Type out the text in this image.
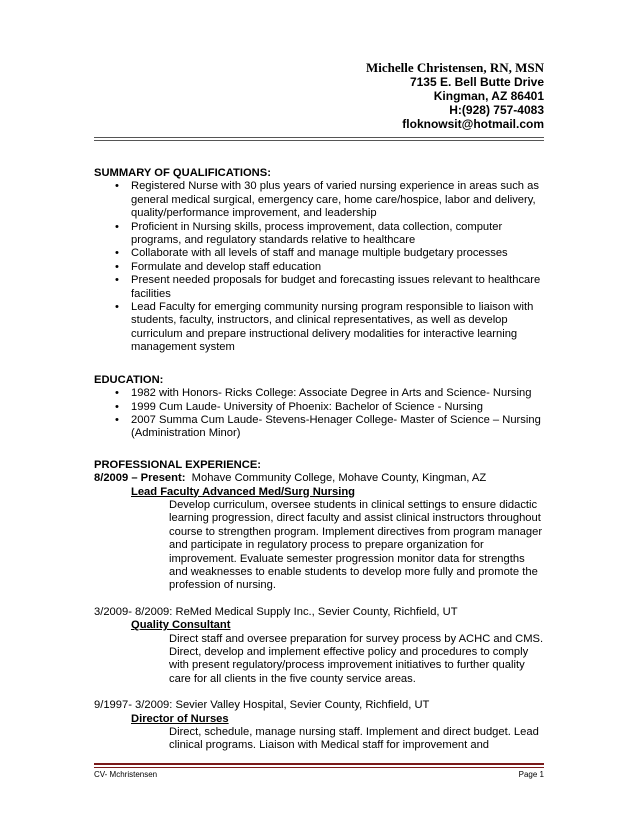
Michelle Christensen, RN, MSN
7135 E. Bell Butte Drive
Kingman, AZ 86401
H:(928) 757-4083
floknowsit@hotmail.com

SUMMARY OF QUALIFICATIONS:

• Registered Nurse with 30 plus years of varied nursing experience in areas such as general medical surgical, emergency care, home care/hospice, labor and delivery, quality/performance improvement, and leadership
• Proficient in Nursing skills, process improvement, data collection, computer programs, and regulatory standards relative to healthcare
• Collaborate with all levels of staff and manage multiple budgetary processes
• Formulate and develop staff education
• Present needed proposals for budget and forecasting issues relevant to healthcare facilities
• Lead Faculty for emerging community nursing program responsible to liaison with students, faculty, instructors, and clinical representatives, as well as develop curriculum and prepare instructional delivery modalities for interactive learning management system

EDUCATION:

• 1982 with Honors- Ricks College: Associate Degree in Arts and Science- Nursing
• 1999 Cum Laude- University of Phoenix: Bachelor of Science - Nursing
• 2007 Summa Cum Laude- Stevens-Henager College- Master of Science – Nursing (Administration Minor)

PROFESSIONAL EXPERIENCE:

8/2009 – Present: Mohave Community College, Mohave County, Kingman, AZ

Lead Faculty Advanced Med/Surg Nursing

Develop curriculum, oversee students in clinical settings to ensure didactic learning progression, direct faculty and assist clinical instructors throughout course to strengthen program. Implement directives from program manager and participate in regulatory process to prepare organization for improvement. Evaluate semester progression monitor data for strengths and weaknesses to enable students to develop more fully and promote the profession of nursing.

3/2009- 8/2009: ReMed Medical Supply Inc., Sevier County, Richfield, UT

Quality Consultant

Direct staff and oversee preparation for survey process by ACHC and CMS. Direct, develop and implement effective policy and procedures to comply with present regulatory/process improvement initiatives to further quality care for all clients in the five county service areas.

9/1997- 3/2009: Sevier Valley Hospital, Sevier County, Richfield, UT

Director of Nurses

Direct, schedule, manage nursing staff. Implement and direct budget. Lead clinical programs. Liaison with Medical staff for improvement and

CV- Mchristensen	Page 1
